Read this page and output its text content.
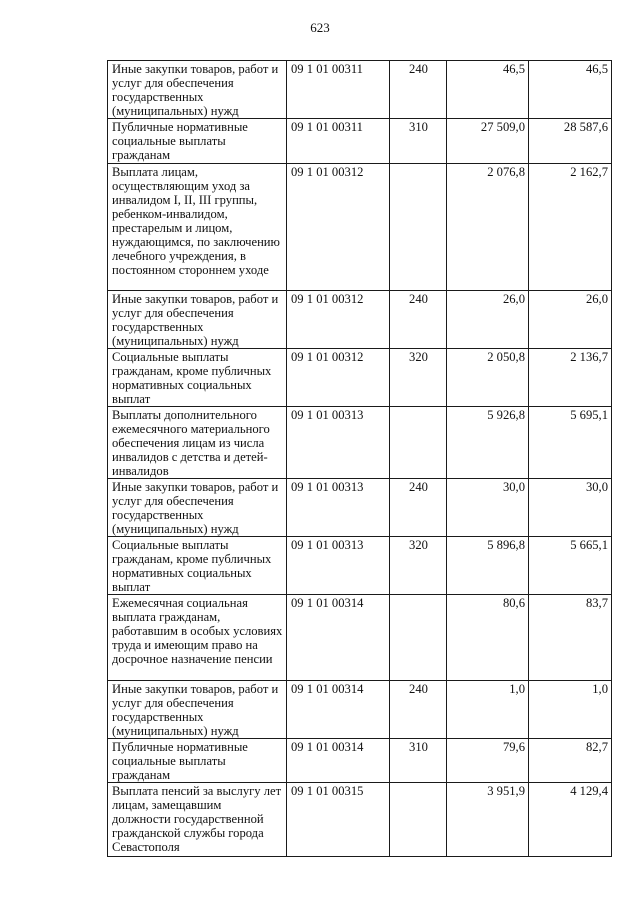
623
Иные закупки товаров, работ и услуг для обеспечения государственных (муниципальных) нужд	09 1 01 00311	240	46,5	46,5
Публичные нормативные социальные выплаты гражданам	09 1 01 00311	310	27 509,0	28 587,6
Выплата лицам, осуществляющим уход за инвалидом I, II, III группы, ребенком-инвалидом, престарелым и лицом, нуждающимся, по заключению лечебного учреждения, в постоянном стороннем уходе	09 1 01 00312		2 076,8	2 162,7
Иные закупки товаров, работ и услуг для обеспечения государственных (муниципальных) нужд	09 1 01 00312	240	26,0	26,0
Социальные выплаты гражданам, кроме публичных нормативных социальных выплат	09 1 01 00312	320	2 050,8	2 136,7
Выплаты дополнительного ежемесячного материального обеспечения лицам из числа инвалидов с детства и детей-инвалидов	09 1 01 00313		5 926,8	5 695,1
Иные закупки товаров, работ и услуг для обеспечения государственных (муниципальных) нужд	09 1 01 00313	240	30,0	30,0
Социальные выплаты гражданам, кроме публичных нормативных социальных выплат	09 1 01 00313	320	5 896,8	5 665,1
Ежемесячная социальная выплата гражданам, работавшим в особых условиях труда и имеющим право на досрочное назначение пенсии	09 1 01 00314		80,6	83,7
Иные закупки товаров, работ и услуг для обеспечения государственных (муниципальных) нужд	09 1 01 00314	240	1,0	1,0
Публичные нормативные социальные выплаты гражданам	09 1 01 00314	310	79,6	82,7
Выплата пенсий за выслугу лет лицам, замещавшим должности государственной гражданской службы города Севастополя	09 1 01 00315		3 951,9	4 129,4
